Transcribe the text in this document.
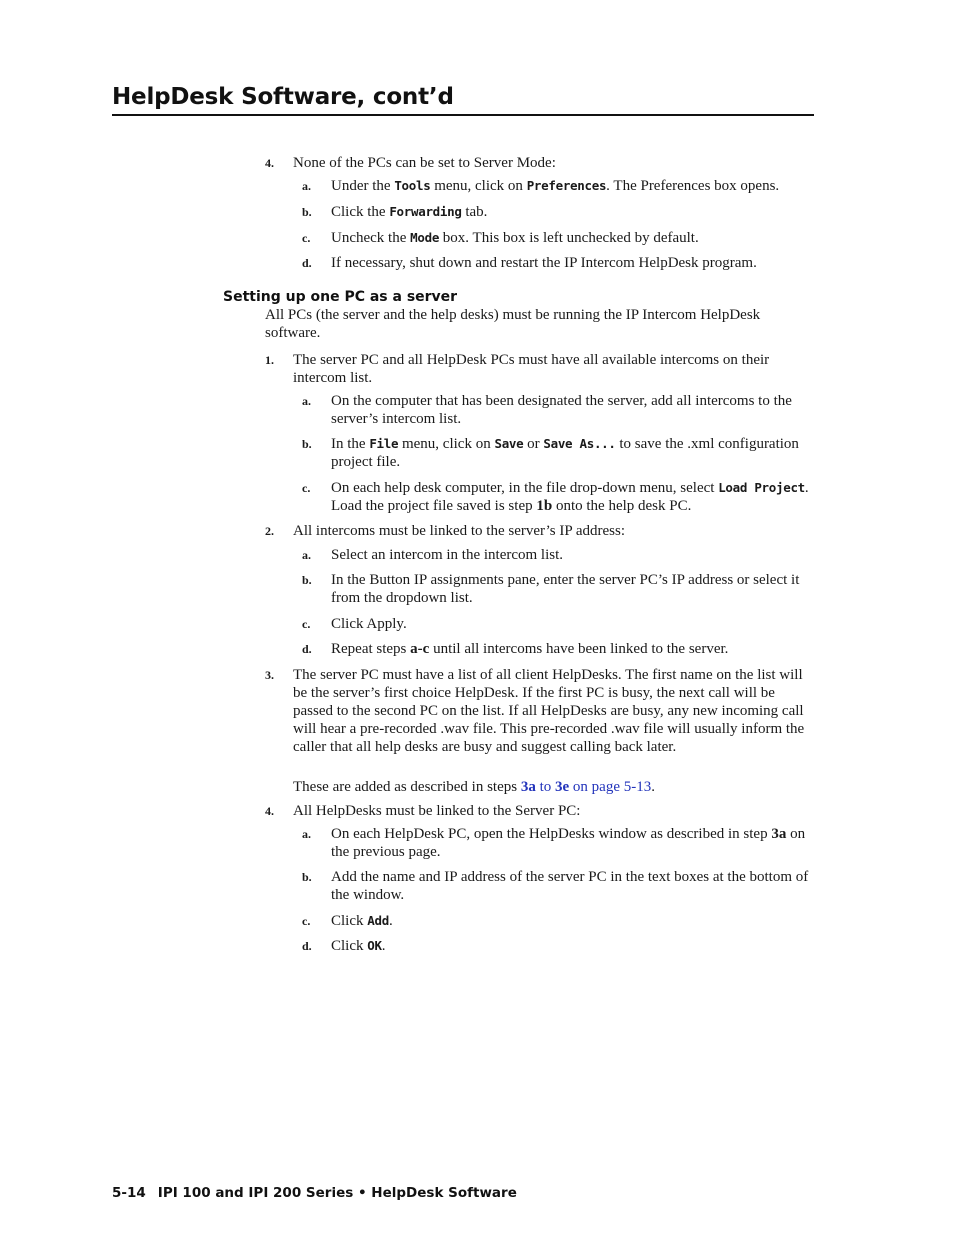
HelpDesk Software, cont’d
4. None of the PCs can be set to Server Mode:
a. Under the Tools menu, click on Preferences. The Preferences box opens.
b. Click the Forwarding tab.
c. Uncheck the Mode box. This box is left unchecked by default.
d. If necessary, shut down and restart the IP Intercom HelpDesk program.
Setting up one PC as a server
All PCs (the server and the help desks) must be running the IP Intercom HelpDesk software.
1. The server PC and all HelpDesk PCs must have all available intercoms on their intercom list.
a. On the computer that has been designated the server, add all intercoms to the server’s intercom list.
b. In the File menu, click on Save or Save As... to save the .xml configuration project file.
c. On each help desk computer, in the file drop-down menu, select Load Project. Load the project file saved is step 1b onto the help desk PC.
2. All intercoms must be linked to the server’s IP address:
a. Select an intercom in the intercom list.
b. In the Button IP assignments pane, enter the server PC’s IP address or select it from the dropdown list.
c. Click Apply.
d. Repeat steps a-c until all intercoms have been linked to the server.
3. The server PC must have a list of all client HelpDesks. The first name on the list will be the server’s first choice HelpDesk. If the first PC is busy, the next call will be passed to the second PC on the list. If all HelpDesks are busy, any new incoming call will hear a pre-recorded .wav file. This pre-recorded .wav file will usually inform the caller that all help desks are busy and suggest calling back later.
These are added as described in steps 3a to 3e on page 5-13.
4. All HelpDesks must be linked to the Server PC:
a. On each HelpDesk PC, open the HelpDesks window as described in step 3a on the previous page.
b. Add the name and IP address of the server PC in the text boxes at the bottom of the window.
c. Click Add.
d. Click OK.
5-14 IPI 100 and IPI 200 Series • HelpDesk Software
